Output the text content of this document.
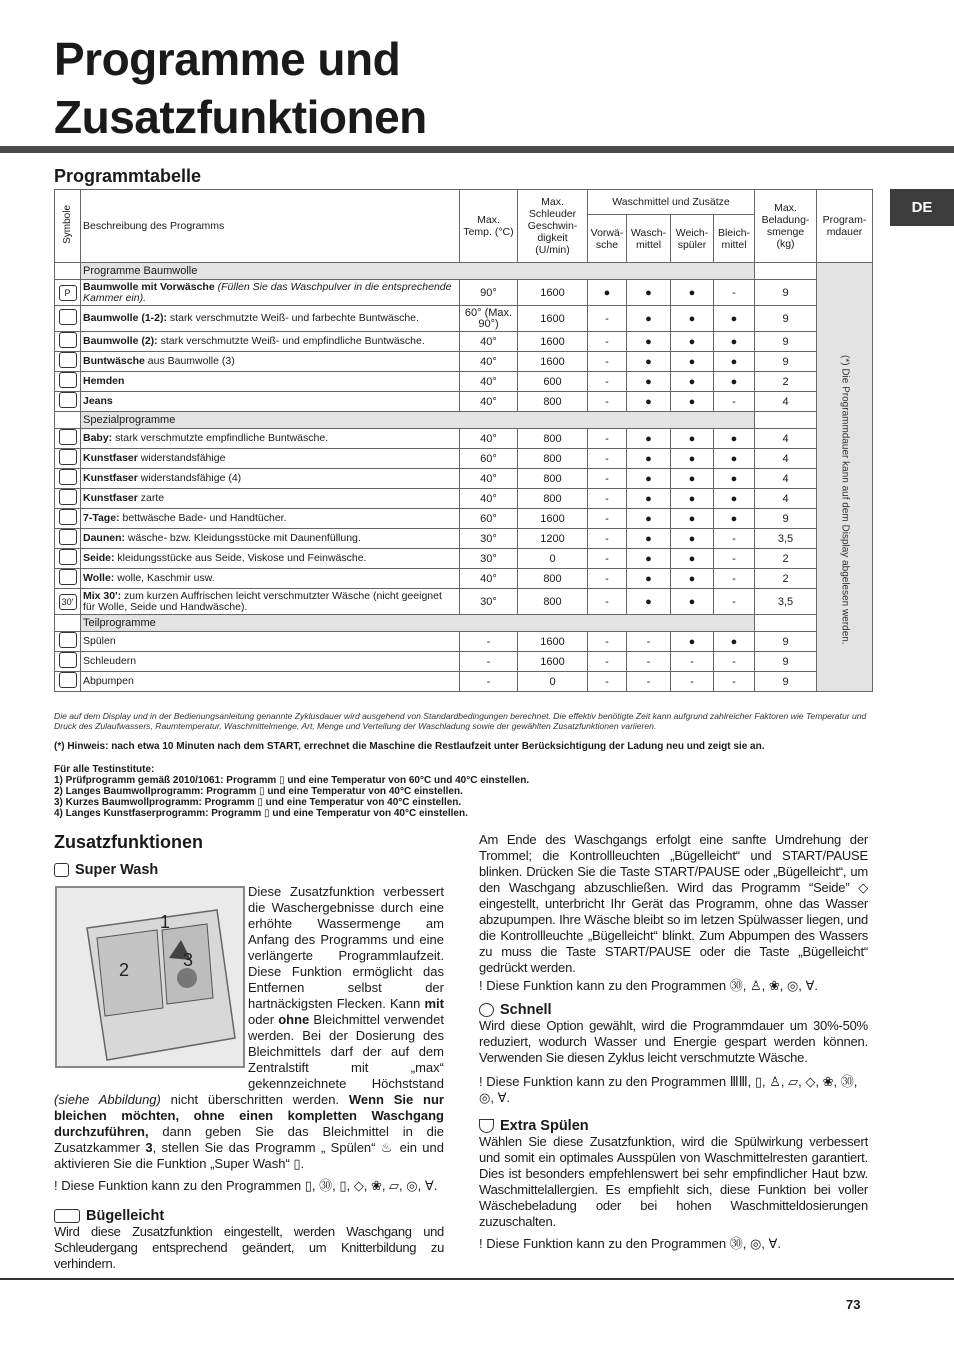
Programme und
Zusatzfunktionen
Programmtabelle
DE
Symbole	Beschreibung des Programms	Max. Temp. (°C)	Max. Schleuder Geschwin-digkeit (U/min)	Waschmittel und Zusätze				Max. Beladung-smenge (kg)	Program-mdauer
				Vorwä-sche	Wasch-mittel	Weich-spüler	Bleich-mittel		
	Programme Baumwolle								(*) Die Programmdauer kann auf dem Display abgelesen werden.
P	Baumwolle mit Vorwäsche (Füllen Sie das Waschpulver in die entsprechende Kammer ein).	90°	1600	●	●	●	-	9	
	Baumwolle (1-2): stark verschmutzte Weiß- und farbechte Buntwäsche.	60° (Max. 90°)	1600	-	●	●	●	9	
	Baumwolle (2): stark verschmutzte Weiß- und empfindliche Buntwäsche.	40°	1600	-	●	●	●	9	
	Buntwäsche aus Baumwolle (3)	40°	1600	-	●	●	●	9	
	Hemden	40°	600	-	●	●	●	2	
	Jeans	40°	800	-	●	●	-	4	
	Spezialprogramme								
	Baby: stark verschmutzte empfindliche Buntwäsche.	40°	800	-	●	●	●	4	
	Kunstfaser widerstandsfähige	60°	800	-	●	●	●	4	
	Kunstfaser widerstandsfähige (4)	40°	800	-	●	●	●	4	
	Kunstfaser zarte	40°	800	-	●	●	●	4	
	7-Tage: bettwäsche Bade- und Handtücher.	60°	1600	-	●	●	●	9	
	Daunen: wäsche- bzw. Kleidungsstücke mit Daunenfüllung.	30°	1200	-	●	●	-	3,5	
	Seide: kleidungsstücke aus Seide, Viskose und Feinwäsche.	30°	0	-	●	●	-	2	
	Wolle: wolle, Kaschmir usw.	40°	800	-	●	●	-	2	
30'	Mix 30': zum kurzen Auffrischen leicht verschmutzter Wäsche (nicht geeignet für Wolle, Seide und Handwäsche).	30°	800	-	●	●	-	3,5	
	Teilprogramme								
	Spülen	-	1600	-	-	●	●	9	
	Schleudern	-	1600	-	-	-	-	9	
	Abpumpen	-	0	-	-	-	-	9	
Die auf dem Display und in der Bedienungsanleitung genannte Zyklusdauer wird ausgehend von Standardbedingungen berechnet. Die effektiv benötigte Zeit kann aufgrund zahlreicher Faktoren wie Temperatur und Druck des Zulaufwassers, Raumtemperatur, Waschmittelmenge, Art, Menge und Verteilung der Waschladung sowie der gewählten Zusatzfunktionen variieren.
(*) Hinweis: nach etwa 10 Minuten nach dem START, errechnet die Maschine die Restlaufzeit unter Berücksichtigung der Ladung neu und zeigt sie an.
Für alle Testinstitute:
1) Prüfprogramm gemäß 2010/1061: Programm ▯ und eine Temperatur von 60°C und 40°C einstellen.
2) Langes Baumwollprogramm: Programm ▯ und eine Temperatur von 40°C einstellen.
3) Kurzes Baumwollprogramm: Programm ▯ und eine Temperatur von 40°C einstellen.
4) Langes Kunstfaserprogramm: Programm ▯ und eine Temperatur von 40°C einstellen.
Zusatzfunktionen
Super Wash
Diese Zusatzfunktion verbessert die Waschergebnisse durch eine erhöhte Wassermenge am Anfang des Programms und eine verlängerte Programmlaufzeit. Diese Funktion ermöglicht das Entfernen selbst der hartnäckigsten Flecken. Kann mit oder ohne Bleichmittel verwendet werden. Bei der Dosierung des Bleichmittels darf der auf dem Zentralstift mit „max“ gekennzeichnete Höchststand (siehe Abbildung) nicht überschritten werden. Wenn Sie nur bleichen möchten, ohne einen kompletten Waschgang durchzuführen, dann geben Sie das Bleichmittel in die Zusatzkammer 3, stellen Sie das Programm „ Spülen“ ♨ ein und aktivieren Sie die Funktion „Super Wash“ ▯.
! Diese Funktion kann zu den Programmen ▯, ㉚, ▯, ◇, ❀, ▱, ◎, ∀.
Bügelleicht
Wird diese Zusatzfunktion eingestellt, werden Waschgang und Schleudergang entsprechend geändert, um Knitterbildung zu verhindern.
1
2	3
Am Ende des Waschgangs erfolgt eine sanfte Umdrehung der Trommel; die Kontrollleuchten „Bügelleicht“ und START/PAUSE blinken. Drücken Sie die Taste START/PAUSE oder „Bügelleicht“, um den Waschgang abzuschließen. Wird das Programm “Seide” ◇ eingestellt, unterbricht Ihr Gerät das Programm, ohne das Wasser abzupumpen. Ihre Wäsche bleibt so im letzen Spülwasser liegen, und die Kontrollleuchte „Bügelleicht“ blinkt. Zum Abpumpen des Wassers zu muss die Taste START/PAUSE oder die Taste „Bügelleicht“ gedrückt werden.
! Diese Funktion kann zu den Programmen ㉚, ♙, ❀, ◎, ∀.
Schnell
Wird diese Option gewählt, wird die Programmdauer um 30%-50% reduziert, wodurch Wasser und Energie gespart werden können. Verwenden Sie diesen Zyklus leicht verschmutzte Wäsche.
! Diese Funktion kann zu den Programmen ⅢⅢ, ▯, ♙, ▱, ◇, ❀, ㉚, ◎, ∀.
Extra Spülen
Wählen Sie diese Zusatzfunktion, wird die Spülwirkung verbessert und somit ein optimales Ausspülen von Waschmittelresten garantiert. Dies ist besonders empfehlenswert bei sehr empfindlicher Haut bzw. Waschmittelallergien. Es empfiehlt sich, diese Funktion bei voller Wäschebeladung oder bei hohen Waschmitteldosierungen zuzuschalten.
! Diese Funktion kann zu den Programmen ㉚, ◎, ∀.
73
